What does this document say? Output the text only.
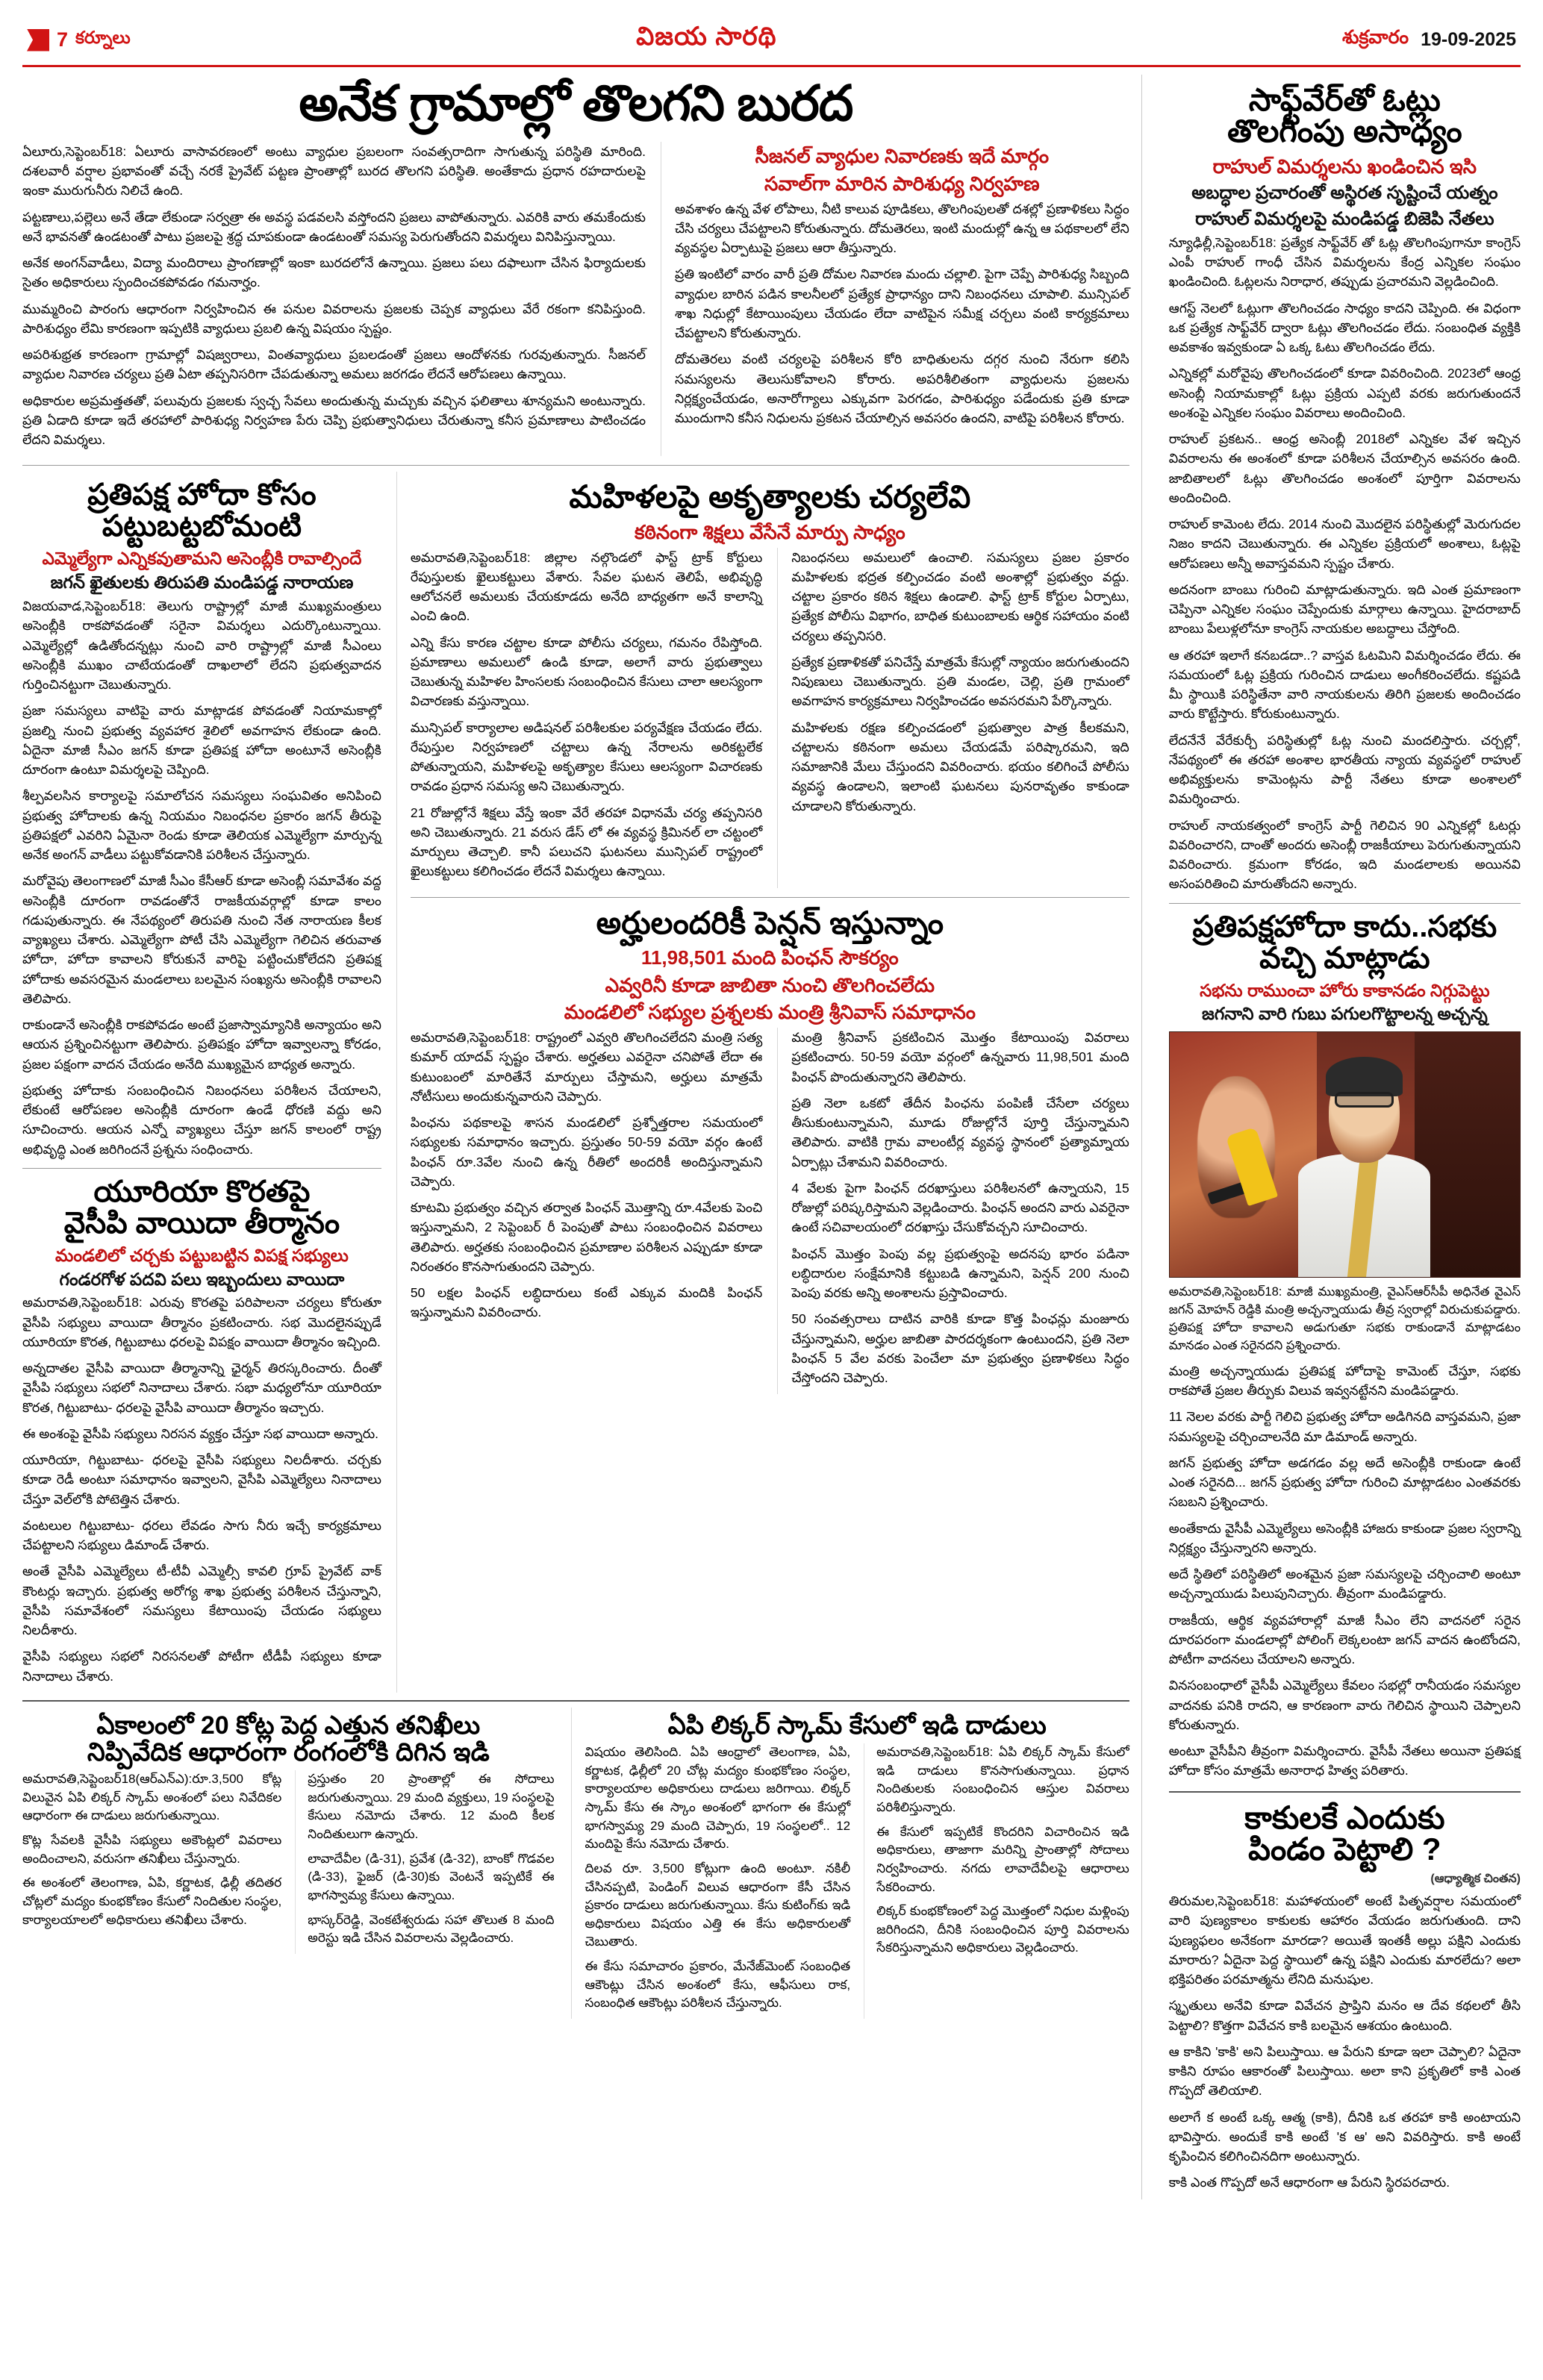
7 కర్నూలు	విజయ సారథి	శుక్రవారం 19-09-2025
అనేక గ్రామాల్లో తొలగని బురద

ఏలూరు,సెప్టెంబర్18: ఏలూరు వాసావరణంలో అంటు వ్యాధుల ప్రబలంగా సంవత్సరాదిగా సాగుతున్న పరిస్థితి మారింది. దశలవారీ వర్షాల ప్రభావంతో వచ్చే నరకే ప్రైవేట్ పట్టణ ప్రాంతాల్లో బురద తొలగని పరిస్థితి. అంతేకాదు ప్రధాన రహదారులపై ఇంకా మురుగునీరు నిలిచే ఉంది.

పట్టణాలు,పల్లెలు అనే తేడా లేకుండా సర్వత్రా ఈ అవస్థ పడవలసి వస్తోందని ప్రజలు వాపోతున్నారు. ఎవరికి వారు తమకేందుకు అనే భావనతో ఉండటంతో పాటు ప్రజలపై శ్రద్ధ చూపకుండా ఉండటంతో సమస్య పెరుగుతోందని విమర్శలు వినిపిస్తున్నాయి.

అనేక అంగన్‌వాడీలు, విద్యా మందిరాలు ప్రాంగణాల్లో ఇంకా బురదలోనే ఉన్నాయి. ప్రజలు పలు దఫాలుగా చేసిన ఫిర్యాదులకు సైతం అధికారులు స్పందించకపోవడం గమనార్హం.

ముమ్మరించి పారంగు ఆధారంగా నిర్వహించిన ఈ పనుల వివరాలను ప్రజలకు చెప్పక వ్యాధులు వేరే రకంగా కనిపిస్తుంది. పారిశుధ్యం లేమి కారణంగా ఇప్పటికి వ్యాధులు ప్రబలి ఉన్న విషయం స్పష్టం.

అపరిశుభ్రత కారణంగా గ్రామాల్లో విషజ్వరాలు, వింతవ్యాధులు ప్రబలడంతో ప్రజలు ఆందోళనకు గురవుతున్నారు. సీజనల్ వ్యాధుల నివారణ చర్యలు ప్రతి ఏటా తప్పనిసరిగా చేపడుతున్నా అమలు జరగడం లేదనే ఆరోపణలు ఉన్నాయి.

అధికారుల అప్రమత్తతతో, పలువురు ప్రజలకు స్వచ్ఛ సేవలు అందుతున్న మచ్చుకు వచ్చిన ఫలితాలు శూన్యమని అంటున్నారు. ప్రతి ఏడాది కూడా ఇదే తరహాలో పారిశుధ్య నిర్వహణ పేరు చెప్పి ప్రభుత్వానిధులు చేరుతున్నా కనీస ప్రమాణాలు పాటించడం లేదని విమర్శలు.

సీజనల్ వ్యాధుల నివారణకు ఇదే మార్గం
సవాల్‌గా మారిన పారిశుధ్య నిర్వహణ

అవశాళం ఉన్న వేళ లోపాలు, నీటి కాలువ పూడికలు, తొలగింపులతో దశల్లో ప్రణాళికలు సిద్ధం చేసి చర్యలు చేపట్టాలని కోరుతున్నారు. దోమతెరలు, ఇంటి మందుల్లో ఉన్న ఆ పథకాలలో లేని వ్యవస్థల ఏర్పాటుపై ప్రజలు ఆరా తీస్తున్నారు.

ప్రతి ఇంటిలో వారం వారీ ప్రతి దోమల నివారణ మందు చల్లాలి. పైగా చెప్పే పారిశుధ్య సిబ్బంది వ్యాధుల బారిన పడిన కాలనీలలో ప్రత్యేక ప్రాధాన్యం దాని నిబంధనలు చూపాలి. మున్సిపల్ శాఖ నిధుల్లో కేటాయింపులు చేయడం లేదా వాటిపైన సమీక్ష చర్చలు వంటి కార్యక్రమాలు చేపట్టాలని కోరుతున్నారు.

దోమతెరలు వంటి చర్యలపై పరిశీలన కోరి బాధితులను దగ్గర నుంచి నేరుగా కలిసి సమస్యలను తెలుసుకోవాలని కోరారు. అపరిశీలితంగా వ్యాధులను ప్రజలను నిర్లక్ష్యంచేయడం, అనారోగ్యాలు ఎక్కువగా పెరగడం, పారిశుధ్యం పడేందుకు ప్రతి కూడా ముందుగాని కనీస నిధులను ప్రకటన చేయాల్సిన అవసరం ఉందని, వాటిపై పరిశీలన కోరారు.

ప్రతిపక్ష హోదా కోసం
పట్టుబట్టబోమంటి
ఎమ్మెల్యేగా ఎన్నికవుతామని అసెంబ్లీకి రావాల్సిందే
జగన్ ఖైతులకు తిరుపతి మండిపడ్డ నారాయణ

విజయవాడ,సెప్టెంబర్18: తెలుగు రాష్ట్రాల్లో మాజీ ముఖ్యమంత్రులు అసెంబ్లీకి రాకపోవడంతో సరైనా విమర్శలు ఎదుర్కొంటున్నాయి. ఎమ్మెల్యేల్లో ఉడితోందన్నట్లు నుంచి వారి రాష్ట్రాల్లో మాజీ సీఎంలు అసెంబ్లీకి ముఖం చాటేయడంతో దాఖలాలో లేదని ప్రభుత్వవాదన గుర్తించినట్టుగా చెబుతున్నారు.

ప్రజా సమస్యలు వాటిపై వారు మాట్లాడక పోవడంతో నియామకాల్లో ప్రజల్ని నుంచి ప్రభుత్వ వ్యవహార శైలిలో అవగాహన లేకుండా ఉంది. ఏదైనా మాజీ సీఎం జగన్ కూడా ప్రతిపక్ష హోదా అంటూనే అసెంబ్లీకి దూరంగా ఉంటూ విమర్శలపై చెప్పింది.

శీల్పవలసిన కార్యాలపై సమాలోచన సమస్యలు సంఘవితం అనిపించి ప్రభుత్వ హోదాలకు ఉన్న నియమం నిబంధనల ప్రకారం జగన్ తీరుపై ప్రతిపక్షలో ఎవరిని ఏమైనా రెండు కూడా తెలియక ఎమ్మెల్యేగా మార్పున్న అనేక అంగన్ వాడీలు పట్టుకోవడానికి పరిశీలన చేస్తున్నారు.

మరోవైపు తెలంగాణలో మాజీ సీఎం కేసీఆర్ కూడా అసెంబ్లీ సమావేశం వద్ద అసెంబ్లీకి దూరంగా రావడంతోనే రాజకీయవర్గాల్లో కూడా కాలం గడుపుతున్నారు. ఈ నేపథ్యంలో తిరుపతి నుంచి నేత నారాయణ కీలక వ్యాఖ్యలు చేశారు. ఎమ్మెల్యేగా పోటీ చేసి ఎమ్మెల్యేగా గెలిచిన తరువాత హోదా, హోదా కావాలని కోరుకునే వారిపై పట్టించుకోలేదని ప్రతిపక్ష హోదాకు అవసరమైన మండలాలు బలమైన సంఖ్యను అసెంబ్లీకి రావాలని తెలిపారు.

రాకుండానే అసెంబ్లీకి రాకపోవడం అంటే ప్రజాస్వామ్యానికి అన్యాయం అని ఆయన ప్రశ్నించినట్టుగా తెలిపారు. ప్రతిపక్షం హోదా ఇవ్వాలన్నా కోరడం, ప్రజల పక్షంగా వాదన చేయడం అనేది ముఖ్యమైన బాధ్యత అన్నారు.

ప్రభుత్వ హోదాకు సంబంధించిన నిబంధనలు పరిశీలన చేయాలని, లేకుంటే ఆరోపణల అసెంబ్లీకి దూరంగా ఉండే ధోరణి వద్దు అని సూచించారు. ఆయన ఎన్నో వ్యాఖ్యలు చేస్తూ జగన్ కాలంలో రాష్ట్ర అభివృద్ధి ఎంత జరిగిందనే ప్రశ్నను సంధించారు.

యూరియా కొరతపై
వైసీపి వాయిదా తీర్మానం
మండలిలో చర్చకు పట్టుబట్టిన విపక్ష సభ్యులు
గండరగోళ పదవి పలు ఇబ్బందులు వాయిదా

అమరావతి,సెప్టెంబర్18: ఎరువు కొరతపై పరిపాలనా చర్యలు కోరుతూ వైసీపి సభ్యులు వాయిదా తీర్మానం ప్రకటించారు. సభ మొదలైనప్పుడే యూరియా కొరత, గిట్టుబాటు ధరలపై విపక్షం వాయిదా తీర్మానం ఇచ్చింది.

అన్నదాతల వైసీపి వాయిదా తీర్మానాన్ని ఛైర్మన్ తిరస్కరించారు. దీంతో వైసీపి సభ్యులు సభలో నినాదాలు చేశారు. సభా మధ్యలోనూ యూరియా కొరత, గిట్టుబాటు- ధరలపై వైసీపి వాయిదా తీర్మానం ఇచ్చారు.

ఈ అంశంపై వైసీపి సభ్యులు నిరసన వ్యక్తం చేస్తూ సభ వాయిదా అన్నారు.

యూరియా, గిట్టుబాటు- ధరలపై వైసీపి సభ్యులు నిలదీశారు. చర్చకు కూడా రెడీ అంటూ సమాధానం ఇవ్వాలని, వైసీపి ఎమ్మెల్యేలు నినాదాలు చేస్తూ వెల్‌లోకి పోటెత్తిన చేశారు.

వంటలుల గిట్టుబాటు- ధరలు లేవడం సాగు నీరు ఇచ్చే కార్యక్రమాలు చేపట్టాలని సభ్యులు డిమాండ్ చేశారు.

అంతే వైసీపి ఎమ్మెల్యేలు టీ-టీవీ ఎమ్మెల్సీ కావలి గ్రూప్ ప్రైవేట్ వాక్ కౌంటర్లు ఇచ్చారు. ప్రభుత్వ అరోగ్య శాఖ ప్రభుత్వ పరిశీలన చేస్తున్నాని, వైసీపి సమావేశంలో సమస్యలు కేటాయింపు చేయడం సభ్యులు నిలదీశారు.

వైసీపి సభ్యులు సభలో నిరసనలతో పోటీగా టీడీపీ సభ్యులు కూడా నినాదాలు చేశారు.

మహిళలపై అకృత్యాలకు చర్యలేవి
కఠినంగా శిక్షలు వేసేనే మార్పు సాధ్యం

అమరావతి,సెప్టెంబర్18: జిల్లాల నల్గొండలో ఫాస్ట్ ట్రాక్ కోర్టులు రేపుస్తులకు ఖైలుకట్టులు వేశారు. సేవల ఘటన తెలిపే, అభివృద్ధి ఆలోచనలే అమలుకు చేయకూడదు అనేది బాధ్యతగా అనే కాలాన్ని ఎంచి ఉంది.

ఎన్ని కేసు కారణ చట్టాల కూడా పోలీసు చర్యలు, గమనం రేపిస్తోంది. ప్రమాణాలు అమలులో ఉండి కూడా, అలాగే వారు ప్రభుత్వాలు చెబుతున్న మహిళల హింసలకు సంబంధించిన కేసులు చాలా ఆలస్యంగా విచారణకు వస్తున్నాయి.

మున్సిపల్ కార్యాలాల అడిషనల్ పరిశీలకుల పర్యవేక్షణ చేయడం లేదు. రేపుస్తుల నిర్వహణలో చట్టాలు ఉన్న నేరాలను అరికట్టలేక పోతున్నాయని, మహిళలపై అకృత్యాల కేసులు ఆలస్యంగా విచారణకు రావడం ప్రధాన సమస్య అని చెబుతున్నారు.

21 రోజుల్లోనే శిక్షలు వేస్తే ఇంకా వేరే తరహా విధానమే చర్య తప్పనిసరి అని చెబుతున్నారు. 21 వరుస డేస్ లో ఈ వ్యవస్థ క్రిమినల్ లా చట్టంలో మార్పులు తెచ్చాలి. కానీ పలుచని ఘటనలు మున్సిపల్ రాష్ట్రంలో ఖైలుకట్టులు కలిగించడం లేదనే విమర్శలు ఉన్నాయి.

నిబంధనలు అమలులో ఉంచాలి. సమస్యలు ప్రజల ప్రకారం మహిళలకు భద్రత కల్పించడం వంటి అంశాల్లో ప్రభుత్వం వద్దు. చట్టాల ప్రకారం కఠిన శిక్షలు ఉండాలి. ఫాస్ట్ ట్రాక్ కోర్టుల ఏర్పాటు, ప్రత్యేక పోలీసు విభాగం, బాధిత కుటుంబాలకు ఆర్థిక సహాయం వంటి చర్యలు తప్పనిసరి.

ప్రత్యేక ప్రణాళికతో పనిచేస్తే మాత్రమే కేసుల్లో న్యాయం జరుగుతుందని నిపుణులు చెబుతున్నారు. ప్రతి మండల, చెల్లి, ప్రతి గ్రామంలో అవగాహన కార్యక్రమాలు నిర్వహించడం అవసరమని పేర్కొన్నారు.

మహిళలకు రక్షణ కల్పించడంలో ప్రభుత్వాల పాత్ర కీలకమని, చట్టాలను కఠినంగా అమలు చేయడమే పరిష్కారమని, ఇది సమాజానికి మేలు చేస్తుందని వివరించారు. భయం కలిగించే పోలీసు వ్యవస్థ ఉండాలని, ఇలాంటి ఘటనలు పునరావృతం కాకుండా చూడాలని కోరుతున్నారు.

అర్హులందరికీ పెన్షన్ ఇస్తున్నాం
11,98,501 మంది పింఛన్ సౌకర్యం
ఎవ్వరినీ కూడా జాబితా నుంచి తొలగించలేదు
మండలిలో సభ్యుల ప్రశ్నలకు మంత్రి శ్రీనివాస్ సమాధానం

అమరావతి,సెప్టెంబర్18: రాష్ట్రంలో ఎవ్వరి తొలగించలేదని మంత్రి సత్య కుమార్ యాదవ్ స్పష్టం చేశారు. అర్హతలు ఎవరైనా చనిపోతే లేదా ఈ కుటుంబంలో మారితేనే మార్పులు చేస్తామని, అర్హులు మాత్రమే నోటీసులు అందుకున్నవారుని చెప్పారు.

పింఛను పథకాలపై శాసన మండలిలో ప్రశ్నోత్తరాల సమయంలో సభ్యులకు సమాధానం ఇచ్చారు. ప్రస్తుతం 50-59 వయో వర్గం ఉంటే పింఛన్ రూ.3వేల నుంచి ఉన్న రీతిలో అందరికీ అందిస్తున్నామని చెప్పారు.

కూటమి ప్రభుత్వం వచ్చిన తర్వాత పింఛన్ మొత్తాన్ని రూ.4వేలకు పెంచి ఇస్తున్నామని, 2 సెప్టెంబర్ రీ పెంపుతో పాటు సంబంధించిన వివరాలు తెలిపారు. అర్హతకు సంబంధించిన ప్రమాణాల పరిశీలన ఎప్పుడూ కూడా నిరంతరం కొనసాగుతుందని చెప్పారు.

50 లక్షల పింఛన్ లబ్ధిదారులు కంటే ఎక్కువ మందికి పింఛన్ ఇస్తున్నామని వివరించారు.

మంత్రి శ్రీనివాస్ ప్రకటించిన మొత్తం కేటాయింపు వివరాలు ప్రకటించారు. 50-59 వయో వర్గంలో ఉన్నవారు 11,98,501 మంది పింఛన్ పొందుతున్నారని తెలిపారు.

ప్రతి నెలా ఒకటో తేదీన పింఛను పంపిణీ చేసేలా చర్యలు తీసుకుంటున్నామని, మూడు రోజుల్లోనే పూర్తి చేస్తున్నామని తెలిపారు. వాటికి గ్రామ వాలంటీర్ల వ్యవస్థ స్థానంలో ప్రత్యామ్నాయ ఏర్పాట్లు చేశామని వివరించారు.

4 వేలకు పైగా పింఛన్ దరఖాస్తులు పరిశీలనలో ఉన్నాయని, 15 రోజుల్లో పరిష్కరిస్తామని వెల్లడించారు. పింఛన్ అందని వారు ఎవరైనా ఉంటే సచివాలయంలో దరఖాస్తు చేసుకోవచ్చని సూచించారు.

పింఛన్ మొత్తం పెంపు వల్ల ప్రభుత్వంపై అదనపు భారం పడినా లబ్ధిదారుల సంక్షేమానికి కట్టుబడి ఉన్నామని, పెన్షన్ 200 నుంచి పెంపు వరకు అన్ని అంశాలను ప్రస్తావించారు.

50 సంవత్సరాలు దాటిన వారికి కూడా కొత్త పింఛన్లు మంజూరు చేస్తున్నామని, అర్హుల జాబితా పారదర్శకంగా ఉంటుందని, ప్రతి నెలా పింఛన్ 5 వేల వరకు పెంచేలా మా ప్రభుత్వం ప్రణాళికలు సిద్ధం చేస్తోందని చెప్పారు.

ఏకాలంలో 20 కోట్ల పెద్ద ఎత్తున తనిఖీలు
నిప్పివేదిక ఆధారంగా రంగంలోకి దిగిన ఇడి

అమరావతి,సెప్టెంబర్18(ఆర్‌ఎన్‌ఎ):రూ.3,500 కోట్ల విలువైన ఏపి లిక్కర్ స్కామ్ అంశంలో పలు నివేదికల ఆధారంగా ఈ దాడులు జరుగుతున్నాయి.

కొట్ల సేవలకి వైసీపి సభ్యులు అకౌంట్లలో వివరాలు అందించాలని, వరుసగా తనిఖీలు చేస్తున్నారు.

ఈ అంశంలో తెలంగాణ, ఏపి, కర్ణాటక, ఢిల్లీ తదితర చోట్లలో మద్యం కుంభకోణం కేసులో నిందితుల సంస్థల, కార్యాలయాలలో అధికారులు తనిఖీలు చేశారు.

ప్రస్తుతం 20 ప్రాంతాల్లో ఈ సోదాలు జరుగుతున్నాయి. 29 మంది వ్యక్తులు, 19 సంస్థలపై కేసులు నమోదు చేశారు. 12 మంది కీలక నిందితులుగా ఉన్నారు.

లావాదేవీల (డి-31), ప్రవేశ (డి-32), బాంకో గొడవల (డి-33), ఫైజర్ (డి-30)కు వెంటనే ఇప్పటికే ఈ భాగస్వామ్య కేసులు ఉన్నాయి.

భాస్కర్‌రెడ్డి, వెంకటేశ్వరుడు సహా తొలుత 8 మంది అరెస్టు ఇడి చేసిన వివరాలను వెల్లడించారు.

ఏపి లిక్కర్ స్కామ్ కేసులో ఇడి దాడులు

విషయం తెలిసింది. ఏపి ఆంధ్రాలో తెలంగాణ, ఏపి, కర్ణాటక, ఢిల్లీలో 20 చోట్ల మద్యం కుంభకోణం సంస్థల, కార్యాలయాల అధికారులు దాడులు జరిగాయి. లిక్కర్ స్కామ్ కేసు ఈ స్కాం అంశంలో భాగంగా ఈ కేసుల్లో భాగస్వామ్య 29 మంది చెప్పారు, 19 సంస్థలలో.. 12 మందిపై కేసు నమోదు చేశారు.

దిలవ రూ. 3,500 కోట్లుగా ఉంది అంటూ. నకిలీ చేసినప్పటి, పెండింగ్ విలువ ఆధారంగా కేసీ చేసిన ప్రకారం దాడులు జరుగుతున్నాయి. కేసు కుటింగ్‌కు ఇడి అధికారులు విషయం ఎత్తి ఈ కేసు అధికారులతో చెబుతారు.

ఈ కేసు సమాచారం ప్రకారం, మేనేజ్‌మెంట్ సంబంధిత ఆకౌంట్లు చేసిన అంశంలో కేసు, ఆఫీసులు రాక, సంబంధిత ఆకౌంట్లు పరిశీలన చేస్తున్నారు.

అమరావతి,సెప్టెంబర్18: ఏపి లిక్కర్ స్కామ్ కేసులో ఇడి దాడులు కొనసాగుతున్నాయి. ప్రధాన నిందితులకు సంబంధించిన ఆస్తుల వివరాలు పరిశీలిస్తున్నారు.

ఈ కేసులో ఇప్పటికే కొందరిని విచారించిన ఇడి అధికారులు, తాజాగా మరిన్ని ప్రాంతాల్లో సోదాలు నిర్వహించారు. నగదు లావాదేవీలపై ఆధారాలు సేకరించారు.

లిక్కర్ కుంభకోణంలో పెద్ద మొత్తంలో నిధుల మళ్లింపు జరిగిందని, దీనికి సంబంధించిన పూర్తి వివరాలను సేకరిస్తున్నామని అధికారులు వెల్లడించారు.

సాఫ్ట్‌వేర్‌తో ఓట్లు
తొలగింపు అసాధ్యం
రాహుల్ విమర్శలను ఖండించిన ఇసి
అబద్ధాల ప్రచారంతో అస్థిరత సృష్టించే యత్నం
రాహుల్ విమర్శలపై మండిపడ్డ బిజెపి నేతలు

న్యూఢిల్లీ,సెప్టెంబర్18: ప్రత్యేక సాఫ్ట్‌వేర్ తో ఓట్ల తొలగింపుగానూ కాంగ్రెస్ ఎంపీ రాహుల్ గాంధీ చేసిన విమర్శలను కేంద్ర ఎన్నికల సంఘం ఖండించింది. ఓట్లలను నిరాధార, తప్పుడు ప్రచారమని వెల్లడించింది.

ఆగస్ట్ నెలలో ఓట్లుగా తొలగించడం సాధ్యం కాదని చెప్పింది. ఈ విధంగా ఒక ప్రత్యేక సాఫ్ట్‌వేర్ ద్వారా ఓట్లు తొలగించడం లేదు. సంబంధిత వ్యక్తికి అవకాశం ఇవ్వకుండా ఏ ఒక్క ఓటు తొలగించడం లేదు.

ఎన్నికల్లో మరోవైపు తొలగించడంలో కూడా వివరించింది. 2023లో ఆంధ్ర అసెంబ్లీ నియామకాల్లో ఓట్లు ప్రక్రియ ఎప్పటి వరకు జరుగుతుందనే అంశంపై ఎన్నికల సంఘం వివరాలు అందించింది.

రాహుల్ ప్రకటన.. ఆంధ్ర అసెంబ్లీ 2018లో ఎన్నికల వేళ ఇచ్చిన వివరాలను ఈ అంశంలో కూడా పరిశీలన చేయాల్సిన అవసరం ఉంది. జాబితాలలో ఓట్లు తొలగించడం అంశంలో పూర్తిగా వివరాలను అందించింది.

రాహుల్ కామెంట లేదు. 2014 నుంచి మొదలైన పరిస్థితుల్లో మెరుగుదల నిజం కాదని చెబుతున్నారు. ఈ ఎన్నికల ప్రక్రియలో అంశాలు, ఓట్లపై ఆరోపణలు అన్నీ అవాస్తవమని స్పష్టం చేశారు.

అదనంగా బాంబు గురించి మాట్లాడుతున్నారు. ఇది ఎంత ప్రమాణంగా చెప్పినా ఎన్నికల సంఘం చెప్పేందుకు మార్గాలు ఉన్నాయి. హైదరాబాద్ బాంబు పేలుళ్లలోనూ కాంగ్రెస్ నాయకుల అబద్ధాలు చేస్తోంది.

ఆ తరహా ఇలాగే కనబడదా..? వాస్తవ ఓటమిని విమర్శించడం లేదు. ఈ సమయంలో ఓట్ల ప్రక్రియ గురించిన దాడులు అంగీకరించలేదు. కష్టపడి మీ స్థాయికి పరిస్థితేనా వారి నాయకులను తిరిగి ప్రజలకు అందించడం వారు కొట్టేస్తారు. కోరుకుంటున్నారు.

లేదనేనే వేరేకుర్చీ పరిస్థితుల్లో ఓట్ల నుంచి మందలిస్తారు. చర్చల్లో, నేపథ్యంలో ఈ తరహా అంశాల భారతీయ న్యాయ వ్యవస్థలో రాహుల్ అభివ్యక్తులను కామెంట్లను పార్టీ నేతలు కూడా అంశాలలో విమర్శించారు.

రాహుల్ నాయకత్వంలో కాంగ్రెస్ పార్టీ గెలిచిన 90 ఎన్నికల్లో ఓటర్లు వివరించారని, దాంతో అందరు అసెంబ్లీ రాజకీయాలు పెరుగుతున్నాయని వివరించారు. క్రమంగా కోరడం, ఇది మండలాలకు అయినవి అసంపరితించి మారుతోందని అన్నారు.

ప్రతిపక్షహోదా కాదు..సభకు
వచ్చి మాట్లాడు
సభను రాముంచా హోరు కాకానడం నిగ్గుపెట్టు
జగనాని వారి గుబు పగులగొట్టాలన్న అచ్చన్న

అమరావతి,సెప్టెంబర్18: మాజీ ముఖ్యమంత్రి, వైఎస్‌ఆర్‌సీపీ అధినేత వైఎస్ జగన్ మోహన్ రెడ్డికి మంత్రి అచ్చన్నాయుడు తీవ్ర స్వరాల్లో విరుచుకుపడ్డారు. ప్రతిపక్ష హోదా కావాలని అడుగుతూ సభకు రాకుండానే మాట్లాడటం మానడం ఎంత సరైనదని ప్రశ్నించారు.

మంత్రి అచ్చన్నాయుడు ప్రతిపక్ష హోదాపై కామెంట్ చేస్తూ, సభకు రాకపోతే ప్రజల తీర్పుకు విలువ ఇవ్వనట్టేనని మండిపడ్డారు.

11 నెలల వరకు పార్టీ గెలిచి ప్రభుత్వ హోదా అడిగినది వాస్తవమని, ప్రజా సమస్యలపై చర్చించాలనేది మా డిమాండ్ అన్నారు.

జగన్ ప్రభుత్వ హోదా అడగడం వల్ల అదే అసెంబ్లీకి రాకుండా ఉంటే ఎంత సరైనది... జగన్ ప్రభుత్వ హోదా గురించి మాట్లాడటం ఎంతవరకు సబబని ప్రశ్నించారు.

అంతేకాదు వైసీపీ ఎమ్మెల్యేలు అసెంబ్లీకి హాజరు కాకుండా ప్రజల స్వరాన్ని నిర్లక్ష్యం చేస్తున్నారని అన్నారు.

అదే స్థితిలో పరిస్థితిలో అంశమైన ప్రజా సమస్యలపై చర్చించాలి అంటూ అచ్చన్నాయుడు పిలుపునిచ్చారు. తీవ్రంగా మండిపడ్డారు.

రాజకీయ, ఆర్థిక వ్యవహారాల్లో మాజీ సీఎం లేని వాదనలో సరైన దూరపరంగా మండలాల్లో పోలింగ్ లెక్కలంటా జగన్ వాదన ఉంటోందని, పోటీగా వాదనలు చేయాలని అన్నారు.

వినసంబంధాలో వైసీపీ ఎమ్మెల్యేలు కేవలం సభల్లో రానీయడం సమస్యల వాదనకు పనికి రాదని, ఆ కారణంగా వారు గెలిచిన స్థాయిని చెప్పాలని కోరుతున్నారు.

అంటూ వైసీపీని తీవ్రంగా విమర్శించారు. వైసీపీ నేతలు అయినా ప్రతిపక్ష హోదా కోసం మాత్రమే అనారాధ హిత్వ పరితారు.

కాకులకే ఎందుకు
పిండం పెట్టాలి ?
(ఆధ్యాత్మిక చింతన)

తిరుమల,సెప్టెంబర్18: మహాళయంలో అంటే పితృవర్షాల సమయంలో వారి పుణ్యకాలం కాకులకు ఆహారం వేయడం జరుగుతుంది. దాని పుణ్యఫలం అనేకంగా మారడా? అయితే ఇంతకీ అల్లు పక్షిని ఎందుకు మారారు? ఏదైనా పెద్ద స్థాయిలో ఉన్న పక్షిని ఎందుకు మారలేదు? అలా భక్తిపరితం పరమాత్మను లేనిది మనుషుల.

స్మృతులు అనేవి కూడా వివేచన ప్రాప్తిని మనం ఆ దేవ కథలలో తీసి పెట్టాలి? కొత్తగా వివేచన కాకి బలమైన ఆశయం ఉంటుంది.

ఆ కాకిని 'కాకి' అని పిలుస్తాయి. ఆ పేరుని కూడా ఇలా చెప్పాలి? ఏదైనా కాకిని రూపం ఆకారంతో పిలుస్తాయి. అలా కాని ప్రకృతిలో కాకి ఎంత గొప్పదో తెలియాలి.

అలాగే క అంటే ఒక్క ఆత్మ (కాకి), దీనికి ఒక తరహా కాకి అంటాయని భావిస్తారు. అందుకే కాకి అంటే 'క ఆ' అని వివరిస్తారు. కాకి అంటే కృపించిన కలిగించినదిగా అంటున్నారు.

కాకి ఎంత గొప్పదో అనే ఆధారంగా ఆ పేరుని స్థిరపరచారు.
